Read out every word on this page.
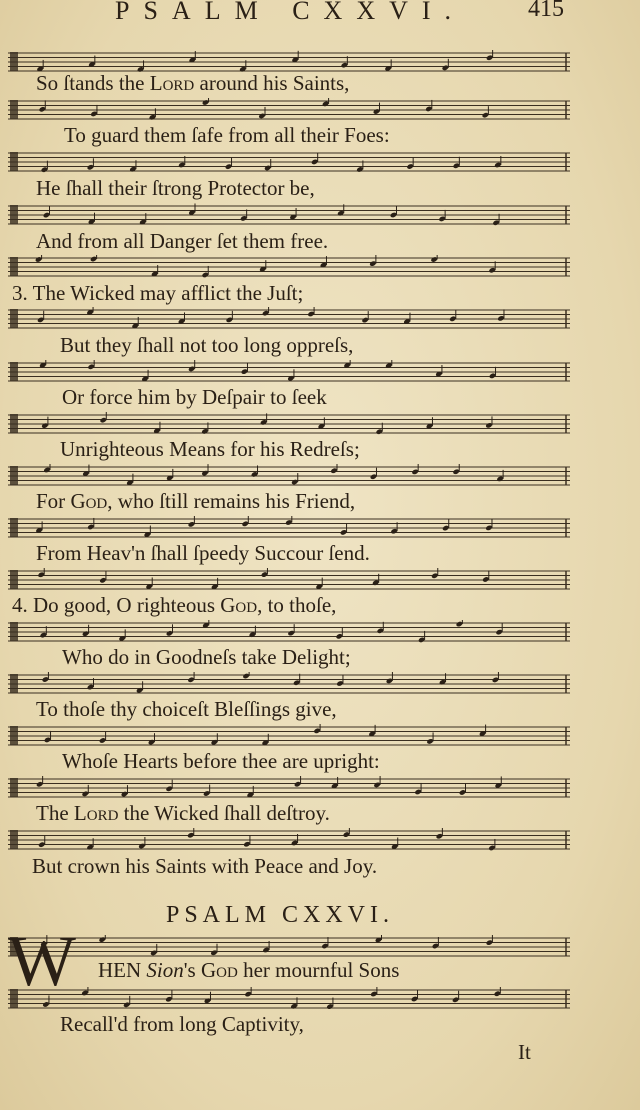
PSALM CXXVI.	415
So ſtands the Lord around his Saints,
To guard them ſafe from all their Foes:
He ſhall their ſtrong Protector be,
And from all Danger ſet them free.
3. The Wicked may afflict the Juſt;
But they ſhall not too long oppreſs,
Or force him by Deſpair to ſeek
Unrighteous Means for his Redreſs;
For God, who ſtill remains his Friend,
From Heav'n ſhall ſpeedy Succour ſend.
4. Do good, O righteous God, to thoſe,
Who do in Goodneſs take Delight;
To thoſe thy choiceſt Bleſſings give,
Whoſe Hearts before thee are upright:
The Lord the Wicked ſhall deſtroy.
But crown his Saints with Peace and Joy.
PSALM CXXVI.
W HEN Sion's God her mournful Sons
Recall'd from long Captivity,
It
